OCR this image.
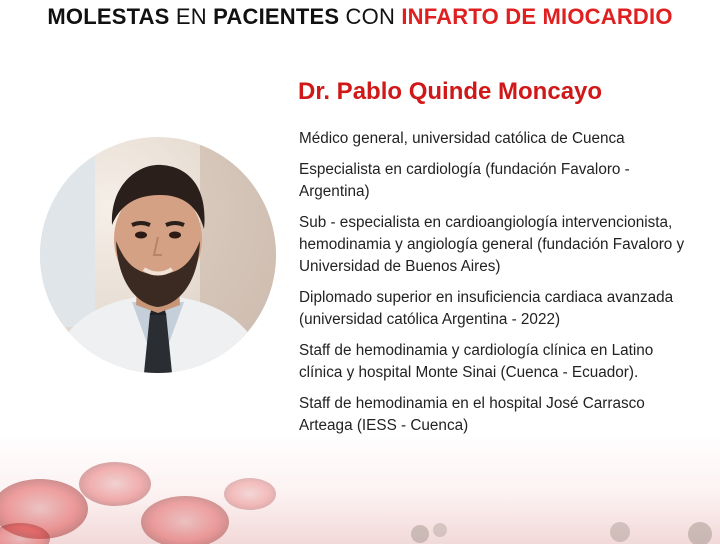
MOLESTAS EN PACIENTES CON INFARTO DE MIOCARDIO
Dr. Pablo Quinde Moncayo
Médico general, universidad católica de Cuenca
Especialista en cardiología (fundación Favaloro - Argentina)
Sub - especialista en cardioangiología intervencionista, hemodinamia y angiología general (fundación Favaloro y Universidad de Buenos Aires)
Diplomado superior en insuficiencia cardiaca avanzada (universidad católica Argentina - 2022)
Staff de hemodinamia y cardiología clínica en Latino clínica y hospital Monte Sinai (Cuenca - Ecuador).
Staff de hemodinamia en el hospital José Carrasco Arteaga (IESS - Cuenca)
